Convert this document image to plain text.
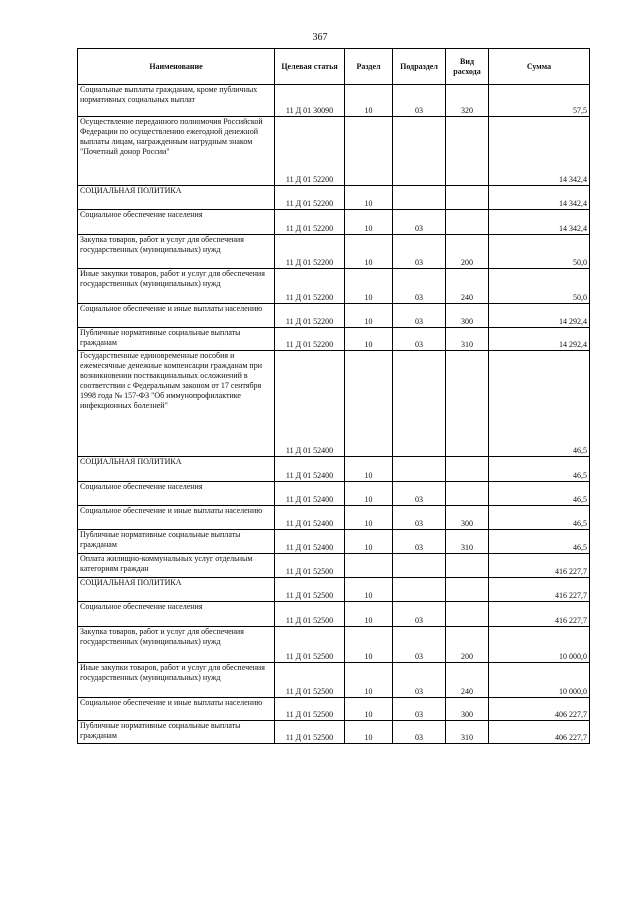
367
Наименование	Целевая статья	Раздел	Подраздел	Вид расхода	Сумма
Социальные выплаты гражданам, кроме публичных нормативных социальных выплат	11 Д 01 30090	10	03	320	57,5
Осуществление переданного полномочия Российской Федерации по осуществлению ежегодной денежной выплаты лицам, награжденным нагрудным знаком "Почетный донор России"	11 Д 01 52200				14 342,4
СОЦИАЛЬНАЯ ПОЛИТИКА	11 Д 01 52200	10			14 342,4
Социальное обеспечение населения	11 Д 01 52200	10	03		14 342,4
Закупка товаров, работ и услуг для обеспечения государственных (муниципальных) нужд	11 Д 01 52200	10	03	200	50,0
Иные закупки товаров, работ и услуг для обеспечения государственных (муниципальных) нужд	11 Д 01 52200	10	03	240	50,0
Социальное обеспечение и иные выплаты населению	11 Д 01 52200	10	03	300	14 292,4
Публичные нормативные социальные выплаты гражданам	11 Д 01 52200	10	03	310	14 292,4
Государственные единовременные пособия и ежемесячные денежные компенсации гражданам при возникновении поствакцинальных осложнений в соответствии с Федеральным законом от 17 сентября 1998 года № 157-ФЗ "Об иммунопрофилактике инфекционных болезней"	11 Д 01 52400				46,5
СОЦИАЛЬНАЯ ПОЛИТИКА	11 Д 01 52400	10			46,5
Социальное обеспечение населения	11 Д 01 52400	10	03		46,5
Социальное обеспечение и иные выплаты населению	11 Д 01 52400	10	03	300	46,5
Публичные нормативные социальные выплаты гражданам	11 Д 01 52400	10	03	310	46,5
Оплата жилищно-коммунальных услуг отдельным категориям граждан	11 Д 01 52500				416 227,7
СОЦИАЛЬНАЯ ПОЛИТИКА	11 Д 01 52500	10			416 227,7
Социальное обеспечение населения	11 Д 01 52500	10	03		416 227,7
Закупка товаров, работ и услуг для обеспечения государственных (муниципальных) нужд	11 Д 01 52500	10	03	200	10 000,0
Иные закупки товаров, работ и услуг для обеспечения государственных (муниципальных) нужд	11 Д 01 52500	10	03	240	10 000,0
Социальное обеспечение и иные выплаты населению	11 Д 01 52500	10	03	300	406 227,7
Публичные нормативные социальные выплаты гражданам	11 Д 01 52500	10	03	310	406 227,7
